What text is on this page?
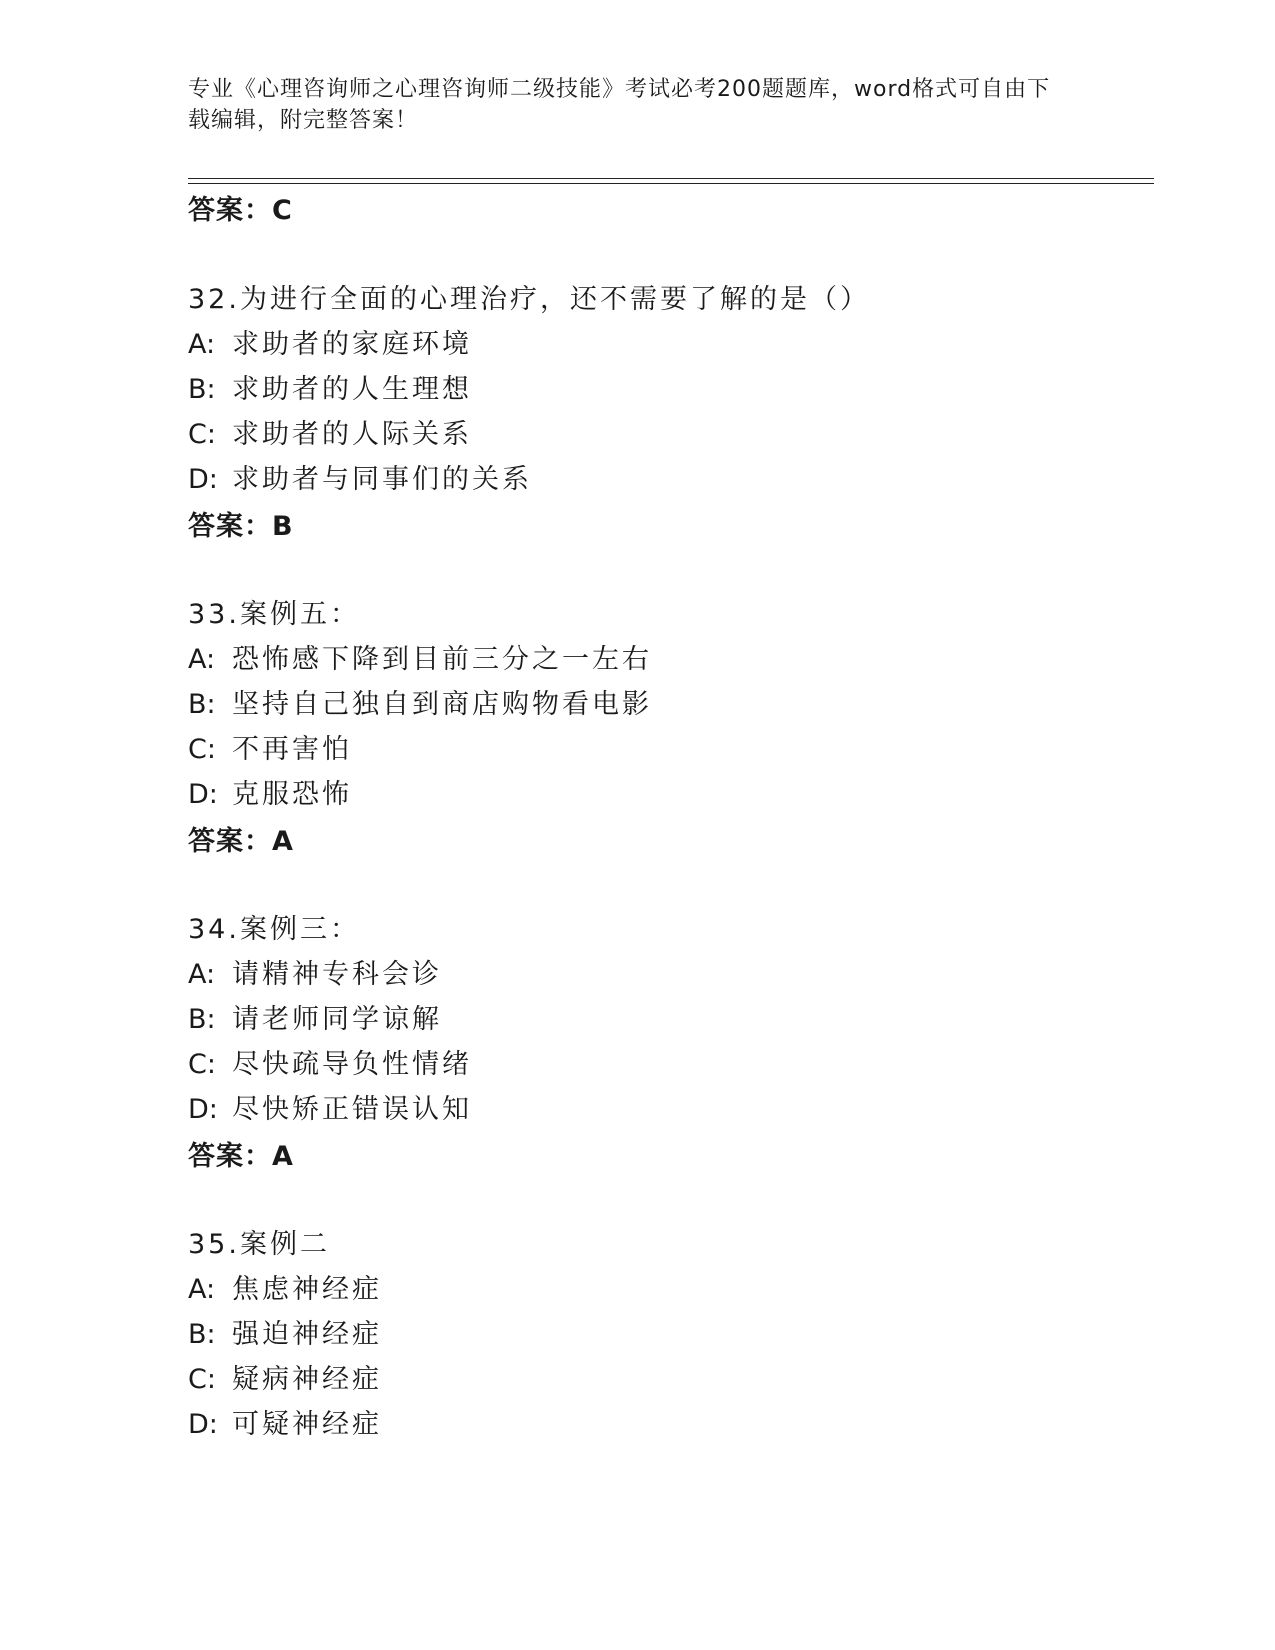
专业《心理咨询师之心理咨询师二级技能》考试必考200题题库，word格式可自由下载编辑，附完整答案！
答案：C
32.为进行全面的心理治疗，还不需要了解的是（）
A: 求助者的家庭环境
B: 求助者的人生理想
C: 求助者的人际关系
D: 求助者与同事们的关系
答案：B
33.案例五：
A: 恐怖感下降到目前三分之一左右
B: 坚持自己独自到商店购物看电影
C: 不再害怕
D: 克服恐怖
答案：A
34.案例三：
A: 请精神专科会诊
B: 请老师同学谅解
C: 尽快疏导负性情绪
D: 尽快矫正错误认知
答案：A
35.案例二
A: 焦虑神经症
B: 强迫神经症
C: 疑病神经症
D: 可疑神经症
